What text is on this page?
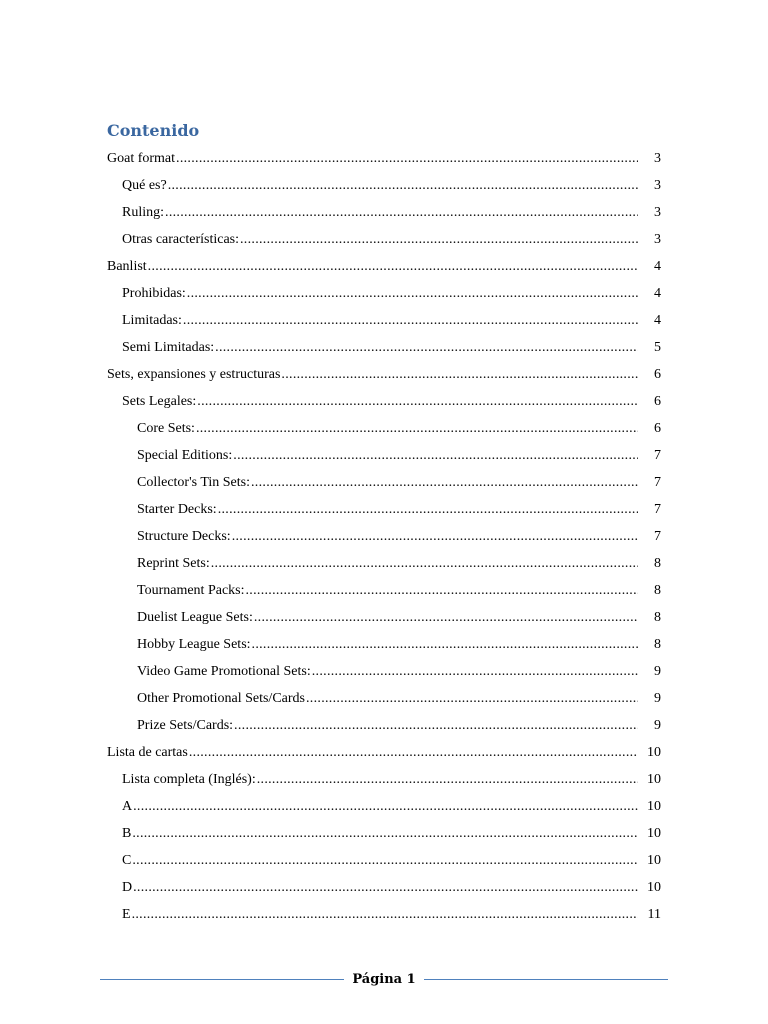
Contenido
Goat format .....	3
Qué es? .....	3
Ruling: .....	3
Otras características: .....	3
Banlist .....	4
Prohibidas: .....	4
Limitadas: .....	4
Semi Limitadas: .....	5
Sets, expansiones y estructuras .....	6
Sets Legales: .....	6
Core Sets: .....	6
Special Editions: .....	7
Collector's Tin Sets: .....	7
Starter Decks: .....	7
Structure Decks: .....	7
Reprint Sets: .....	8
Tournament Packs: .....	8
Duelist League Sets: .....	8
Hobby League Sets: .....	8
Video Game Promotional Sets: .....	9
Other Promotional Sets/Cards .....	9
Prize Sets/Cards: .....	9
Lista de cartas .....	10
Lista completa (Inglés): .....	10
A .....	10
B .....	10
C .....	10
D .....	10
E .....	11
Página 1
